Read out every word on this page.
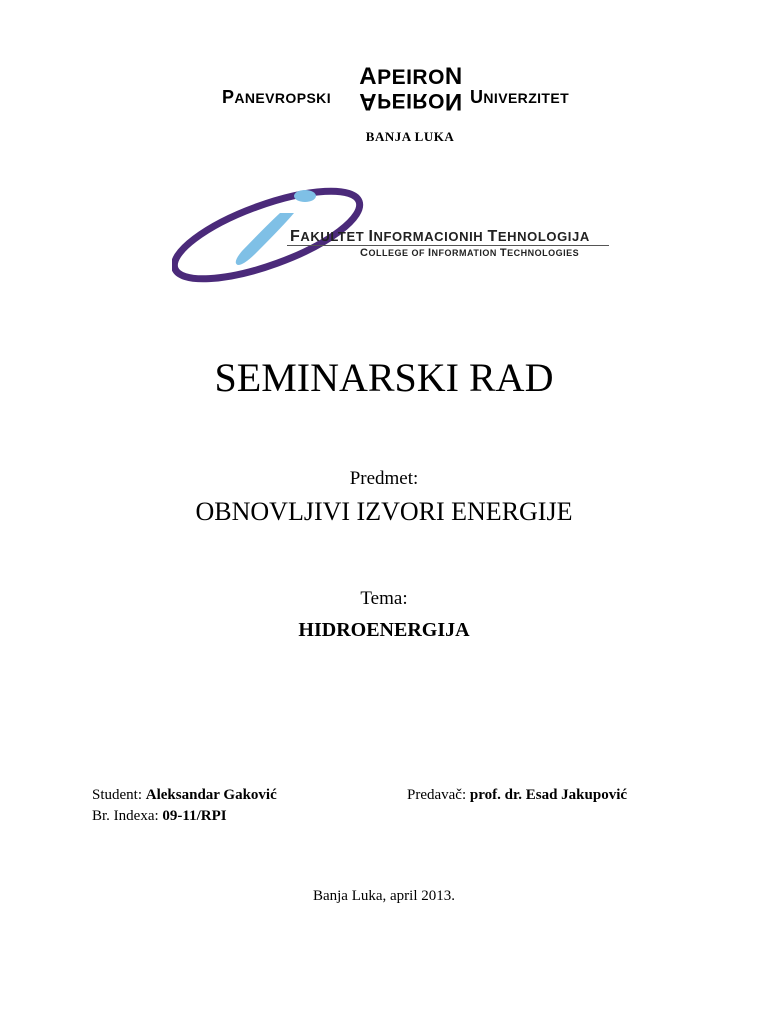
PANEVROPSKI
APEIRON
APEIRON UNIVERZITET
BANJA LUKA
FAKULTET INFORMACIONIH TEHNOLOGIJA
COLLEGE OF INFORMATION TECHNOLOGIES
SEMINARSKI RAD
Predmet:
OBNOVLJIVI IZVORI ENERGIJE
Tema:
HIDROENERGIJA
Student: Aleksandar Gaković
Br. Indexa: 09-11/RPI
Predavač: prof. dr. Esad Jakupović
Banja Luka, april 2013.
